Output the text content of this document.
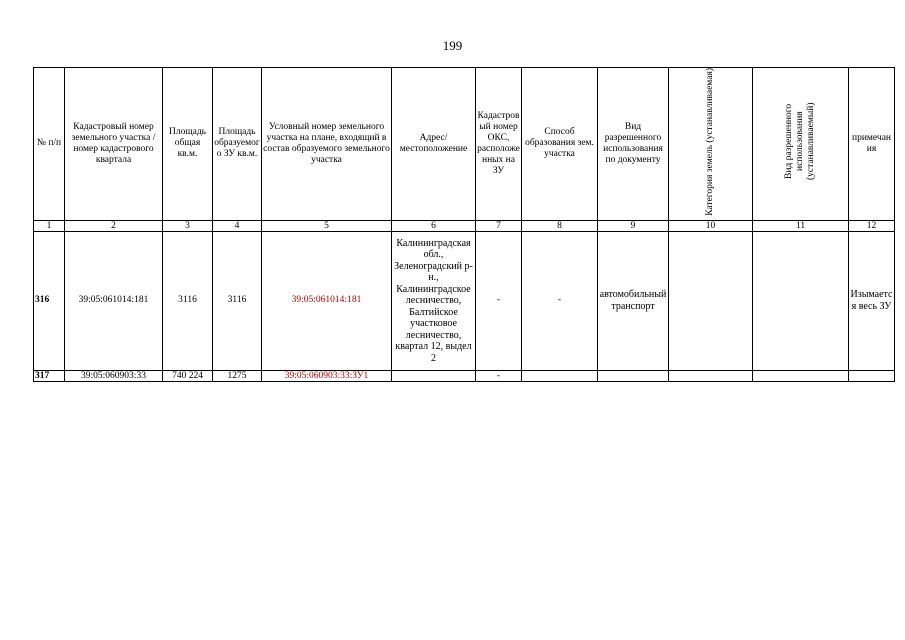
199
№ п/п	Кадастровый номер земельного участка /номер кадастрового квартала	Площадь общая кв.м.	Площадь образуемого ЗУ кв.м.	Условный номер земельного участка на плане, входящий в состав образуемого земельного участка	Адрес/ местоположение	Кадастровый номер ОКС, расположенных на ЗУ	Способ образования зем. участка	Вид разрешенного использования по документу	Категория земель (устанавливаемая)	Вид разрешенного использования (устанавливаемый)	примечания
1	2	3	4	5	6	7	8	9	10	11	12
316	39:05:061014:181	3116	3116	39:05:061014:181	Калининградская обл., Зеленоградский р-н., Калининградское лесничество, Балтийское участковое лесничество, квартал 12, выдел 2	-	-	автомобильный транспорт			Изымается весь ЗУ
317	39:05:060903:33	740 224	1275	39:05:060903:33:ЗУ1		-					
